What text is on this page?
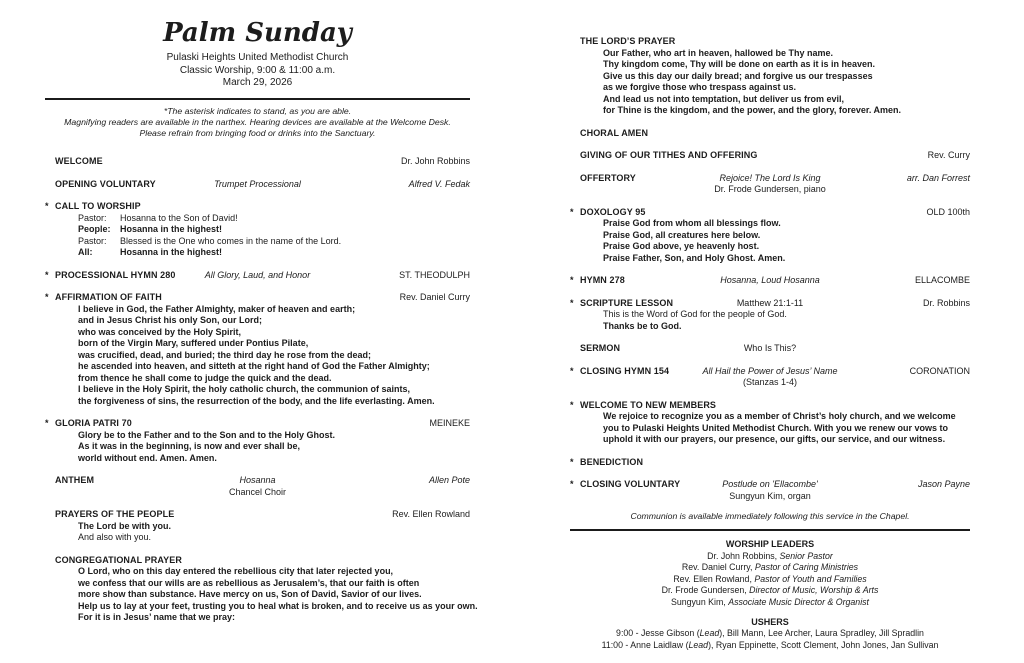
Palm Sunday
Pulaski Heights United Methodist Church
Classic Worship, 9:00 & 11:00 a.m.
March 29, 2026
*The asterisk indicates to stand, as you are able.
Magnifying readers are available in the narthex. Hearing devices are available at the Welcome Desk.
Please refrain from bringing food or drinks into the Sanctuary.
WELCOME	Dr. John Robbins
OPENING VOLUNTARY	Trumpet Processional	Alfred V. Fedak
* CALL TO WORSHIP
Pastor:	Hosanna to the Son of David!
People:	Hosanna in the highest!
Pastor:	Blessed is the One who comes in the name of the Lord.
All:	Hosanna in the highest!
* PROCESSIONAL HYMN 280	All Glory, Laud, and Honor	ST. THEODULPH
* AFFIRMATION OF FAITH	Rev. Daniel Curry
I believe in God, the Father Almighty, maker of heaven and earth;
and in Jesus Christ his only Son, our Lord;
who was conceived by the Holy Spirit,
born of the Virgin Mary, suffered under Pontius Pilate,
was crucified, dead, and buried; the third day he rose from the dead;
he ascended into heaven, and sitteth at the right hand of God the Father Almighty;
from thence he shall come to judge the quick and the dead.
I believe in the Holy Spirit, the holy catholic church, the communion of saints,
the forgiveness of sins, the resurrection of the body, and the life everlasting. Amen.
* GLORIA PATRI 70	MEINEKE
Glory be to the Father and to the Son and to the Holy Ghost.
As it was in the beginning, is now and ever shall be,
world without end. Amen. Amen.
ANTHEM	Hosanna	Allen Pote
Chancel Choir
PRAYERS OF THE PEOPLE	Rev. Ellen Rowland
The Lord be with you.
And also with you.
CONGREGATIONAL PRAYER
O Lord, who on this day entered the rebellious city that later rejected you,
we confess that our wills are as rebellious as Jerusalem’s, that our faith is often
more show than substance. Have mercy on us, Son of David, Savior of our lives.
Help us to lay at your feet, trusting you to heal what is broken, and to receive us as your own.
For it is in Jesus’ name that we pray:
THE LORD’S PRAYER
Our Father, who art in heaven, hallowed be Thy name.
Thy kingdom come, Thy will be done on earth as it is in heaven.
Give us this day our daily bread; and forgive us our trespasses
as we forgive those who trespass against us.
And lead us not into temptation, but deliver us from evil,
for Thine is the kingdom, and the power, and the glory, forever. Amen.
CHORAL AMEN
GIVING OF OUR TITHES AND OFFERING	Rev. Curry
OFFERTORY	Rejoice! The Lord Is King	arr. Dan Forrest
Dr. Frode Gundersen, piano
* DOXOLOGY 95	OLD 100th
Praise God from whom all blessings flow.
Praise God, all creatures here below.
Praise God above, ye heavenly host.
Praise Father, Son, and Holy Ghost. Amen.
* HYMN 278	Hosanna, Loud Hosanna	ELLACOMBE
* SCRIPTURE LESSON	Matthew 21:1-11	Dr. Robbins
This is the Word of God for the people of God.
Thanks be to God.
SERMON	Who Is This?
* CLOSING HYMN 154	All Hail the Power of Jesus’ Name	CORONATION
(Stanzas 1-4)
* WELCOME TO NEW MEMBERS
We rejoice to recognize you as a member of Christ’s holy church, and we welcome
you to Pulaski Heights United Methodist Church. With you we renew our vows to
uphold it with our prayers, our presence, our gifts, our service, and our witness.
* BENEDICTION
* CLOSING VOLUNTARY	Postlude on 'Ellacombe'	Jason Payne
Sungyun Kim, organ
Communion is available immediately following this service in the Chapel.
WORSHIP LEADERS
Dr. John Robbins, Senior Pastor
Rev. Daniel Curry, Pastor of Caring Ministries
Rev. Ellen Rowland, Pastor of Youth and Families
Dr. Frode Gundersen, Director of Music, Worship & Arts
Sungyun Kim, Associate Music Director & Organist
USHERS
9:00 - Jesse Gibson (Lead), Bill Mann, Lee Archer, Laura Spradley, Jill Spradlin
11:00 - Anne Laidlaw (Lead), Ryan Eppinette, Scott Clement, John Jones, Jan Sullivan
